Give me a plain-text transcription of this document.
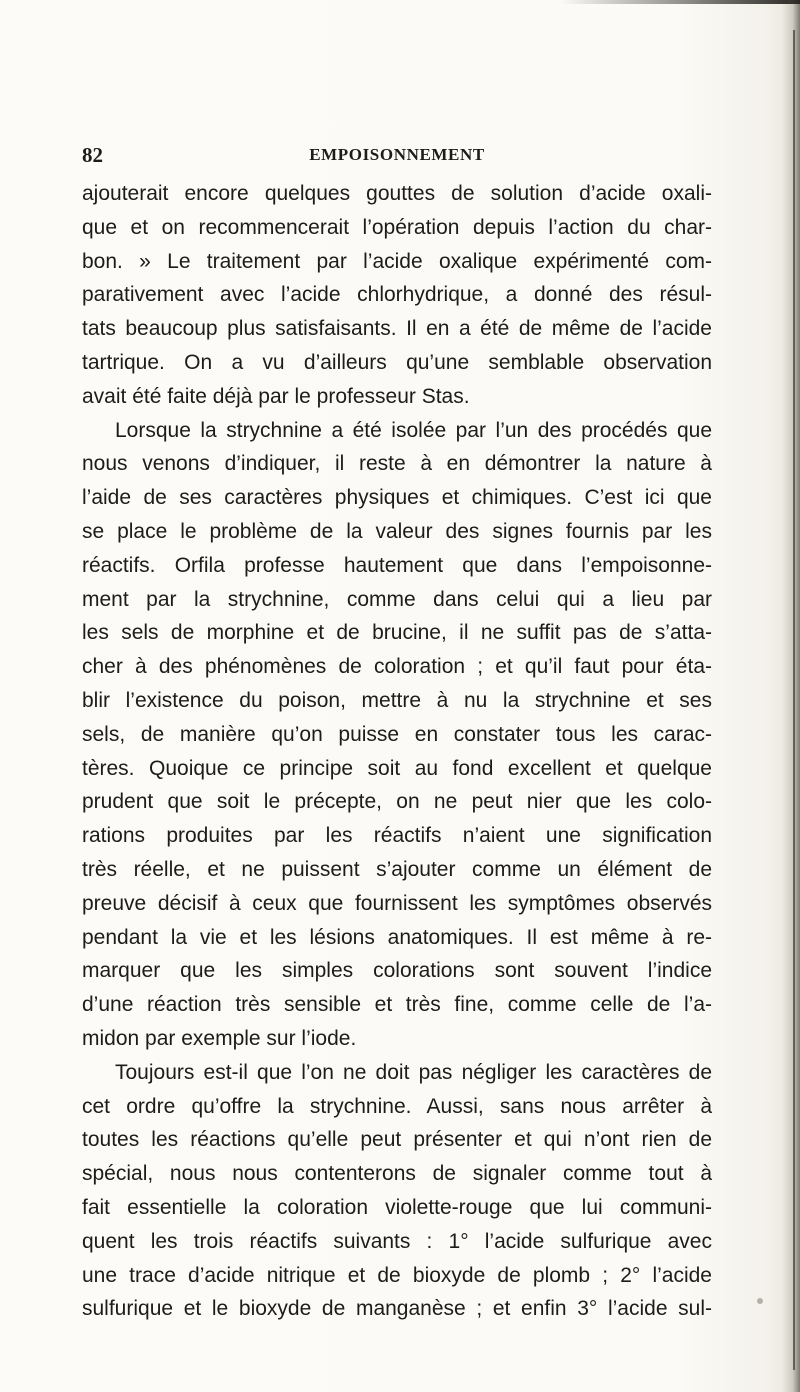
82	EMPOISONNEMENT
ajouterait encore quelques gouttes de solution d’acide oxali-
que et on recommencerait l’opération depuis l’action du char-
bon. » Le traitement par l’acide oxalique expérimenté com-
parativement avec l’acide chlorhydrique, a donné des résul-
tats beaucoup plus satisfaisants. Il en a été de même de l’acide
tartrique. On a vu d’ailleurs qu’une semblable observation
avait été faite déjà par le professeur Stas.
Lorsque la strychnine a été isolée par l’un des procédés que
nous venons d’indiquer, il reste à en démontrer la nature à
l’aide de ses caractères physiques et chimiques. C’est ici que
se place le problème de la valeur des signes fournis par les
réactifs. Orfila professe hautement que dans l’empoisonne-
ment par la strychnine, comme dans celui qui a lieu par
les sels de morphine et de brucine, il ne suffit pas de s’atta-
cher à des phénomènes de coloration ; et qu’il faut pour éta-
blir l’existence du poison, mettre à nu la strychnine et ses
sels, de manière qu’on puisse en constater tous les carac-
tères. Quoique ce principe soit au fond excellent et quelque
prudent que soit le précepte, on ne peut nier que les colo-
rations produites par les réactifs n’aient une signification
très réelle, et ne puissent s’ajouter comme un élément de
preuve décisif à ceux que fournissent les symptômes observés
pendant la vie et les lésions anatomiques. Il est même à re-
marquer que les simples colorations sont souvent l’indice
d’une réaction très sensible et très fine, comme celle de l’a-
midon par exemple sur l’iode.
Toujours est-il que l’on ne doit pas négliger les caractères de
cet ordre qu’offre la strychnine. Aussi, sans nous arrêter à
toutes les réactions qu’elle peut présenter et qui n’ont rien de
spécial, nous nous contenterons de signaler comme tout à
fait essentielle la coloration violette-rouge que lui communi-
quent les trois réactifs suivants : 1° l’acide sulfurique avec
une trace d’acide nitrique et de bioxyde de plomb ; 2° l’acide
sulfurique et le bioxyde de manganèse ; et enfin 3° l’acide sul-
